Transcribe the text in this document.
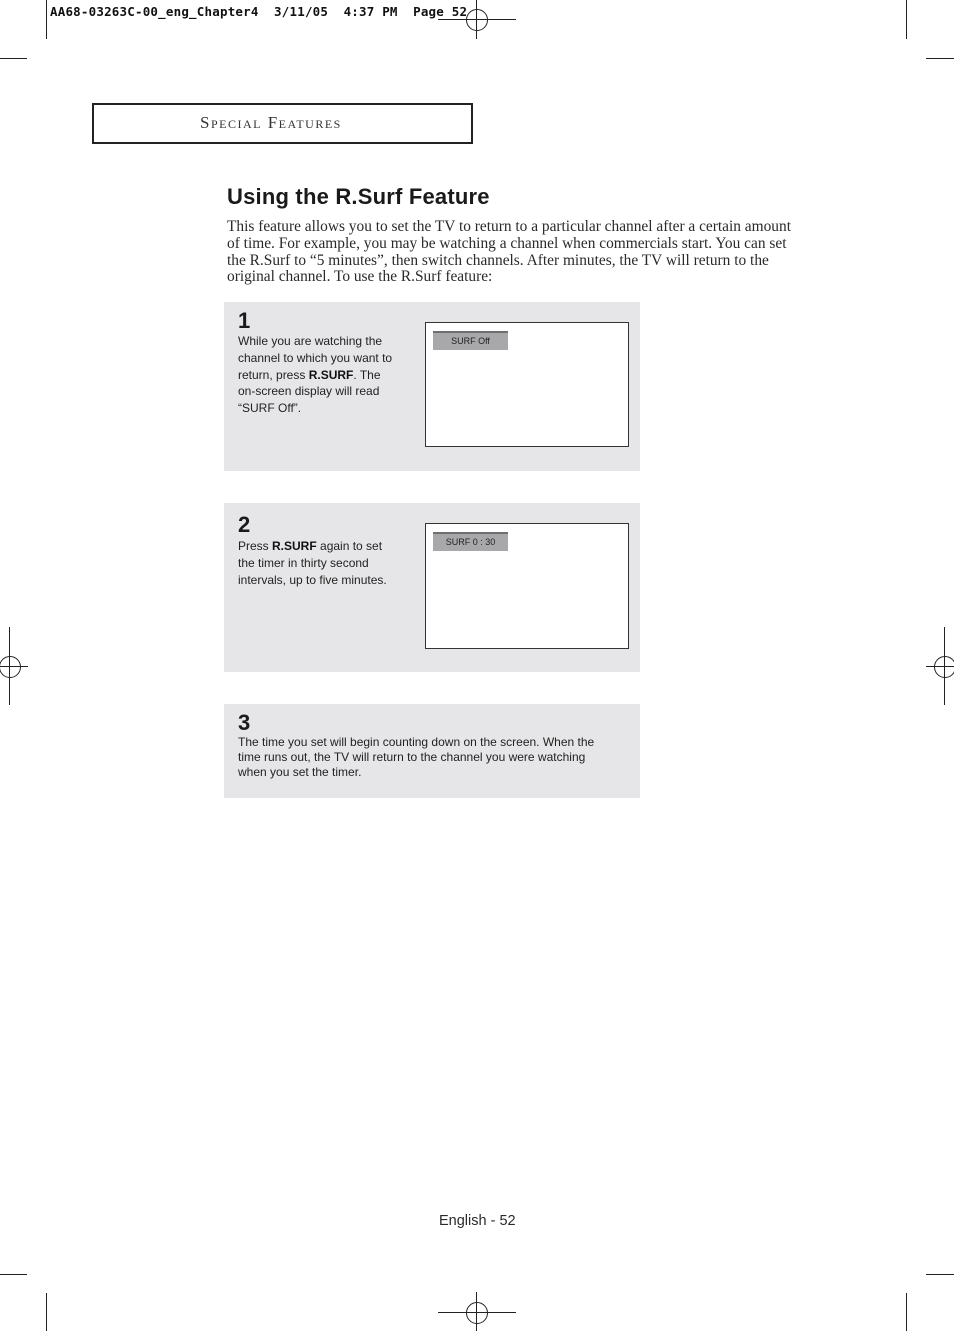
AA68-03263C-00_eng_Chapter4  3/11/05  4:37 PM  Page 52
Special Features
Using the R.Surf Feature

This feature allows you to set the TV to return to a particular channel after a certain amount of time. For example, you may be watching a channel when commercials start. You can set the R.Surf to “5 minutes”, then switch channels. After minutes, the TV will return to the original channel. To use the R.Surf feature:

1
While you are watching the channel to which you want to return, press R.SURF. The on-screen display will read “SURF Off”.
SURF Off
2
Press R.SURF again to set the timer in thirty second intervals, up to five minutes.
SURF 0 : 30
3
The time you set will begin counting down on the screen. When the time runs out, the TV will return to the channel you were watching when you set the timer.
English - 52
